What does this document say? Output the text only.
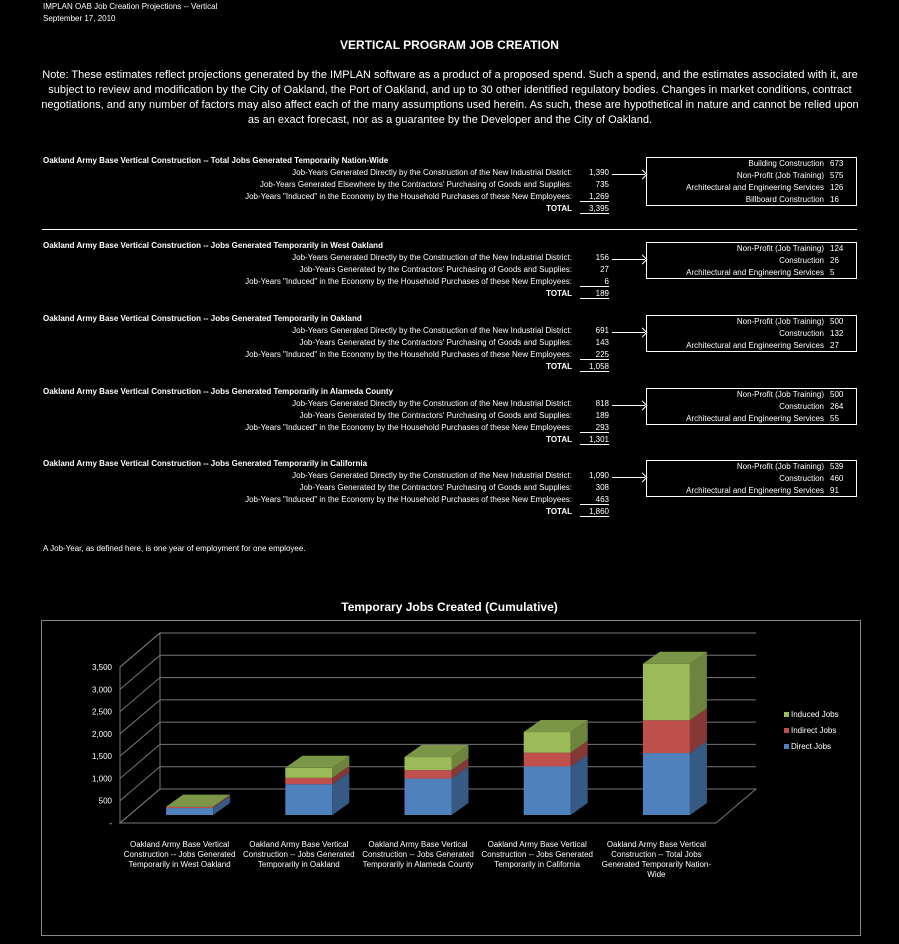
IMPLAN OAB Job Creation Projections -- Vertical
September 17, 2010
VERTICAL PROGRAM JOB CREATION
Note: These estimates reflect projections generated by the IMPLAN software as a product of a proposed spend. Such a spend, and the estimates associated with it, are subject to review and modification by the City of Oakland, the Port of Oakland, and up to 30 other identified regulatory bodies. Changes in market conditions, contract negotiations, and any number of factors may also affect each of the many assumptions used herein. As such, these are hypothetical in nature and cannot be relied upon as an exact forecast, nor as a guarantee by the Developer and the City of Oakland.
Oakland Army Base Vertical Construction -- Total Jobs Generated Temporarily Nation-Wide
Job-Years Generated Directly by the Construction of the New Industrial District:	1,390
Job-Years Generated Elsewhere by the Contractors' Purchasing of Goods and Supplies:	735
Job-Years "Induced" in the Economy by the Household Purchases of these New Employees:	1,269
TOTAL	3,395
Building Construction 673
Non-Profit (Job Training) 575
Architectural and Engineering Services 126
Billboard Construction 16
Oakland Army Base Vertical Construction -- Jobs Generated Temporarily in West Oakland
Job-Years Generated Directly by the Construction of the New Industrial District:	156
Job-Years Generated by the Contractors' Purchasing of Goods and Supplies:	27
Job-Years "Induced" in the Economy by the Household Purchases of these New Employees:	6
TOTAL	189
Non-Profit (Job Training) 124
Construction 26
Architectural and Engineering Services 5
Oakland Army Base Vertical Construction -- Jobs Generated Temporarily in Oakland
Job-Years Generated Directly by the Construction of the New Industrial District:	691
Job-Years Generated by the Contractors' Purchasing of Goods and Supplies:	143
Job-Years "Induced" in the Economy by the Household Purchases of these New Employees:	225
TOTAL	1,058
Non-Profit (Job Training) 500
Construction 132
Architectural and Engineering Services 27
Oakland Army Base Vertical Construction -- Jobs Generated Temporarily in Alameda County
Job-Years Generated Directly by the Construction of the New Industrial District:	818
Job-Years Generated by the Contractors' Purchasing of Goods and Supplies:	189
Job-Years "Induced" in the Economy by the Household Purchases of these New Employees:	293
TOTAL	1,301
Non-Profit (Job Training) 500
Construction 264
Architectural and Engineering Services 55
Oakland Army Base Vertical Construction -- Jobs Generated Temporarily in California
Job-Years Generated Directly by the Construction of the New Industrial District:	1,090
Job-Years Generated by the Contractors' Purchasing of Goods and Supplies:	308
Job-Years "Induced" in the Economy by the Household Purchases of these New Employees:	463
TOTAL	1,860
Non-Profit (Job Training) 539
Construction 460
Architectural and Engineering Services 91
A Job-Year, as defined here, is one year of employment for one employee.
Temporary Jobs Created (Cumulative)
-
500
1,000
1,500
2,000
2,500
3,000
3,500
Oakland Army Base Vertical Construction -- Jobs Generated Temporarily in West Oakland
Oakland Army Base Vertical Construction -- Jobs Generated Temporarily in Oakland
Oakland Army Base Vertical Construction -- Jobs Generated Temporarily in Alameda County
Oakland Army Base Vertical Construction -- Jobs Generated Temporarily in California
Oakland Army Base Vertical Construction -- Total Jobs Generated Temporarily Nation-Wide
Induced Jobs
Indirect Jobs
Direct Jobs
